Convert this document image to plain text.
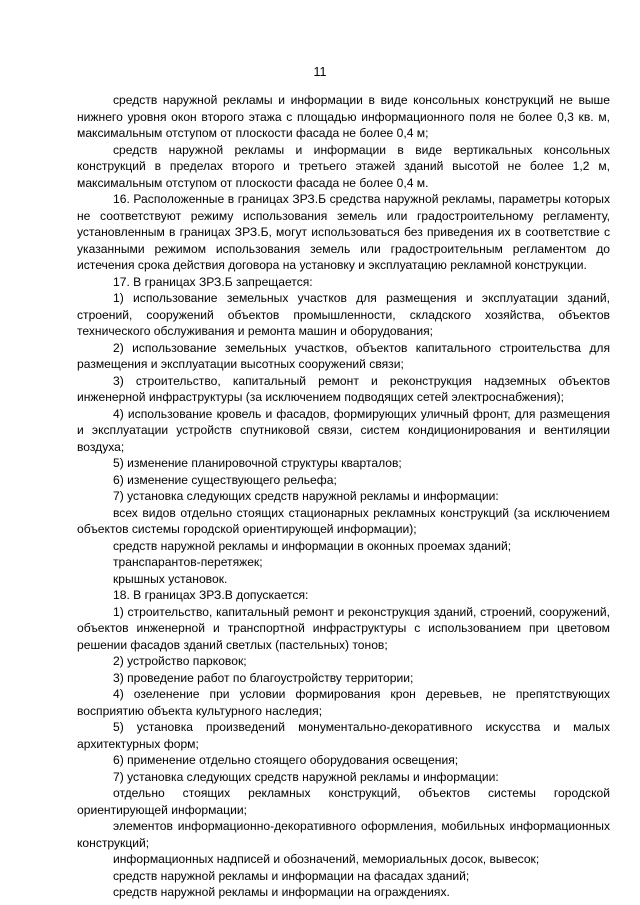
11

средств наружной рекламы и информации в виде консольных конструкций не выше нижнего уровня окон второго этажа с площадью информационного поля не более 0,3 кв. м, максимальным отступом от плоскости фасада не более 0,4 м;

средств наружной рекламы и информации в виде вертикальных консольных конструкций в пределах второго и третьего этажей зданий высотой не более 1,2 м, максимальным отступом от плоскости фасада не более 0,4 м.

16. Расположенные в границах ЗРЗ.Б средства наружной рекламы, параметры которых не соответствуют режиму использования земель или градостроительному регламенту, установленным в границах ЗРЗ.Б, могут использоваться без приведения их в соответствие с указанными режимом использования земель или градостроительным регламентом до истечения срока действия договора на установку и эксплуатацию рекламной конструкции.

17. В границах ЗРЗ.Б запрещается:

1) использование земельных участков для размещения и эксплуатации зданий, строений, сооружений объектов промышленности, складского хозяйства, объектов технического обслуживания и ремонта машин и оборудования;

2) использование земельных участков, объектов капитального строительства для размещения и эксплуатации высотных сооружений связи;

3) строительство, капитальный ремонт и реконструкция надземных объектов инженерной инфраструктуры (за исключением подводящих сетей электроснабжения);

4) использование кровель и фасадов, формирующих уличный фронт, для размещения и эксплуатации устройств спутниковой связи, систем кондиционирования и вентиляции воздуха;

5) изменение планировочной структуры кварталов;

6) изменение существующего рельефа;

7) установка следующих средств наружной рекламы и информации:

всех видов отдельно стоящих стационарных рекламных конструкций (за исключением объектов системы городской ориентирующей информации);

средств наружной рекламы и информации в оконных проемах зданий;

транспарантов-перетяжек;

крышных установок.

18. В границах ЗРЗ.В допускается:

1) строительство, капитальный ремонт и реконструкция зданий, строений, сооружений, объектов инженерной и транспортной инфраструктуры с использованием при цветовом решении фасадов зданий светлых (пастельных) тонов;

2) устройство парковок;

3) проведение работ по благоустройству территории;

4) озеленение при условии формирования крон деревьев, не препятствующих восприятию объекта культурного наследия;

5) установка произведений монументально-декоративного искусства и малых архитектурных форм;

6) применение отдельно стоящего оборудования освещения;

7) установка следующих средств наружной рекламы и информации:

отдельно стоящих рекламных конструкций, объектов системы городской ориентирующей информации;

элементов информационно-декоративного оформления, мобильных информационных конструкций;

информационных надписей и обозначений, мемориальных досок, вывесок;

средств наружной рекламы и информации на фасадах зданий;

средств наружной рекламы и информации на ограждениях.
